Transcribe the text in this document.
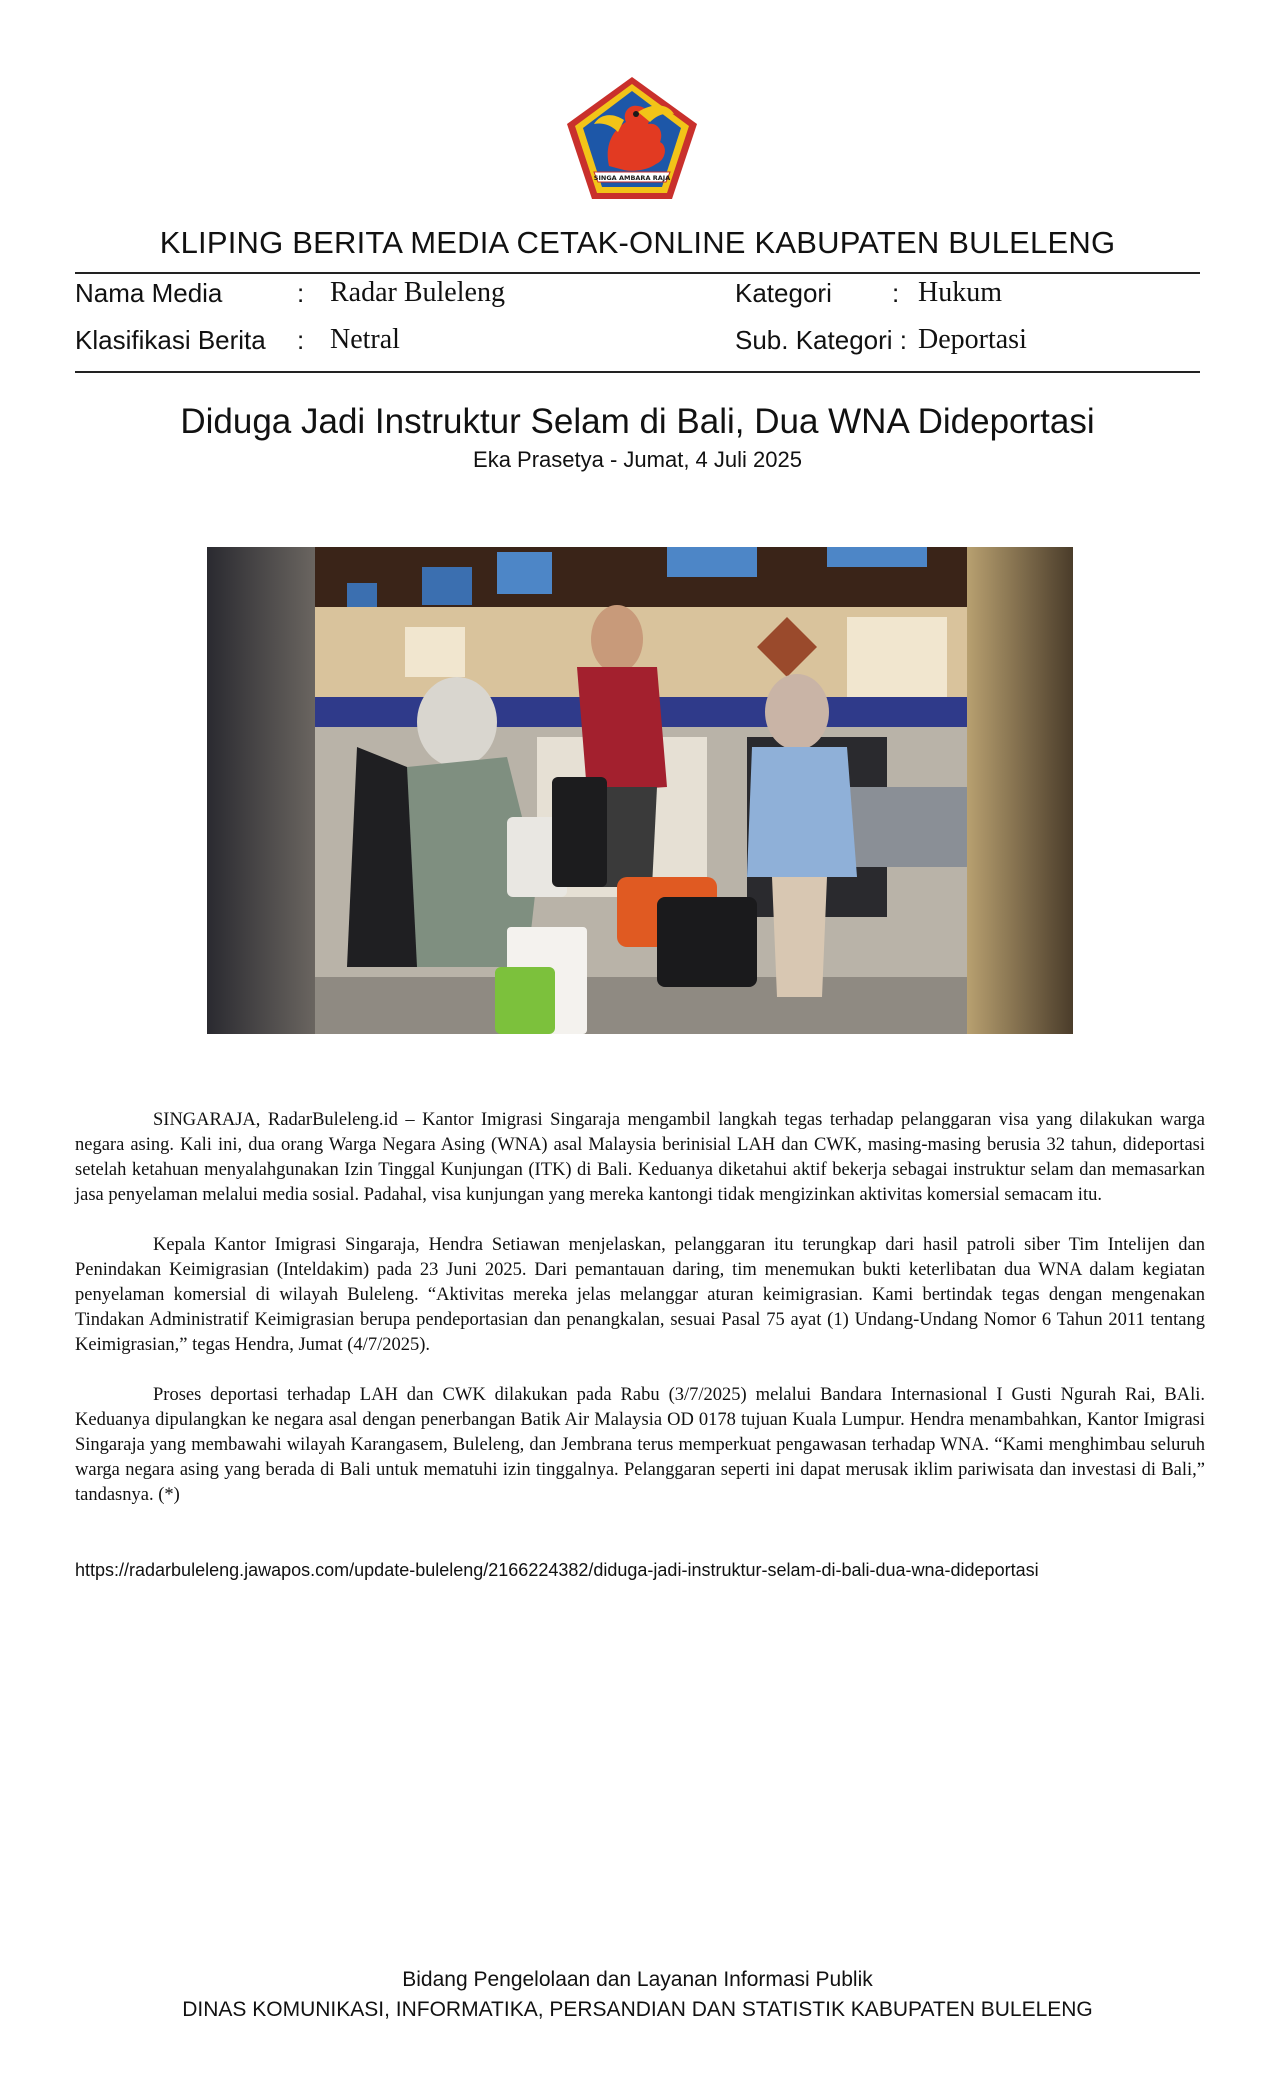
SINGA AMBARA RAJA
KLIPING BERITA MEDIA CETAK-ONLINE KABUPATEN BULELENG
Nama Media	: Radar Buleleng	Kategori : Hukum
Klasifikasi Berita : Netral	Sub. Kategori : Deportasi
Diduga Jadi Instruktur Selam di Bali, Dua WNA Dideportasi
Eka Prasetya - Jumat, 4 Juli 2025

SINGARAJA, RadarBuleleng.id – Kantor Imigrasi Singaraja mengambil langkah tegas terhadap pelanggaran visa yang dilakukan warga negara asing. Kali ini, dua orang Warga Negara Asing (WNA) asal Malaysia berinisial LAH dan CWK, masing-masing berusia 32 tahun, dideportasi setelah ketahuan menyalahgunakan Izin Tinggal Kunjungan (ITK) di Bali. Keduanya diketahui aktif bekerja sebagai instruktur selam dan memasarkan jasa penyelaman melalui media sosial. Padahal, visa kunjungan yang mereka kantongi tidak mengizinkan aktivitas komersial semacam itu.

Kepala Kantor Imigrasi Singaraja, Hendra Setiawan menjelaskan, pelanggaran itu terungkap dari hasil patroli siber Tim Intelijen dan Penindakan Keimigrasian (Inteldakim) pada 23 Juni 2025. Dari pemantauan daring, tim menemukan bukti keterlibatan dua WNA dalam kegiatan penyelaman komersial di wilayah Buleleng. “Aktivitas mereka jelas melanggar aturan keimigrasian. Kami bertindak tegas dengan mengenakan Tindakan Administratif Keimigrasian berupa pendeportasian dan penangkalan, sesuai Pasal 75 ayat (1) Undang-Undang Nomor 6 Tahun 2011 tentang Keimigrasian,” tegas Hendra, Jumat (4/7/2025).

Proses deportasi terhadap LAH dan CWK dilakukan pada Rabu (3/7/2025) melalui Bandara Internasional I Gusti Ngurah Rai, BAli. Keduanya dipulangkan ke negara asal dengan penerbangan Batik Air Malaysia OD 0178 tujuan Kuala Lumpur. Hendra menambahkan, Kantor Imigrasi Singaraja yang membawahi wilayah Karangasem, Buleleng, dan Jembrana terus memperkuat pengawasan terhadap WNA. “Kami menghimbau seluruh warga negara asing yang berada di Bali untuk mematuhi izin tinggalnya. Pelanggaran seperti ini dapat merusak iklim pariwisata dan investasi di Bali,” tandasnya. (*)

https://radarbuleleng.jawapos.com/update-buleleng/2166224382/diduga-jadi-instruktur-selam-di-bali-dua-wna-dideportasi
Bidang Pengelolaan dan Layanan Informasi Publik
DINAS KOMUNIKASI, INFORMATIKA, PERSANDIAN DAN STATISTIK KABUPATEN BULELENG
